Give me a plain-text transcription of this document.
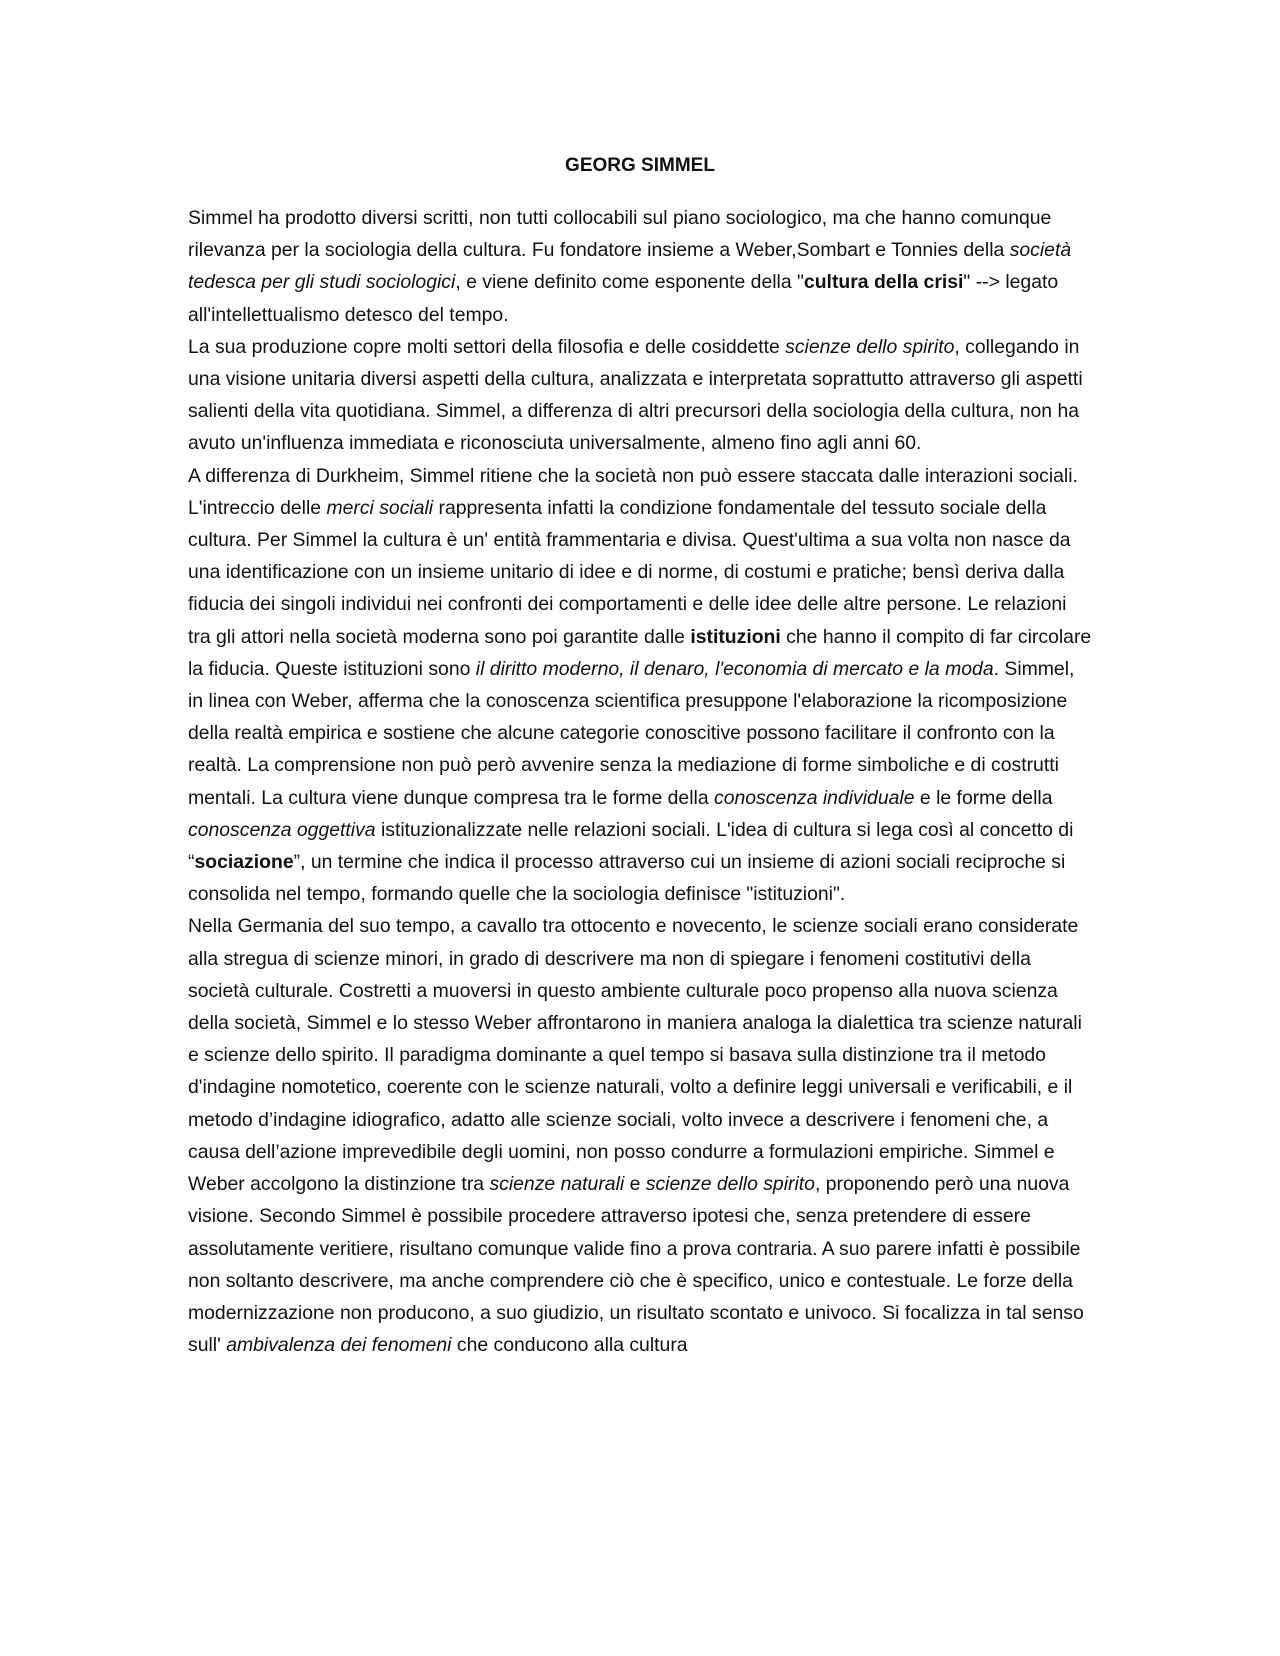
GEORG SIMMEL

Simmel ha prodotto diversi scritti, non tutti collocabili sul piano sociologico, ma che hanno comunque rilevanza per la sociologia della cultura. Fu fondatore insieme a Weber,Sombart e Tonnies della società tedesca per gli studi sociologici, e viene definito come esponente della "cultura della crisi" --> legato all'intellettualismo detesco del tempo.

La sua produzione copre molti settori della filosofia e delle cosiddette scienze dello spirito, collegando in una visione unitaria diversi aspetti della cultura, analizzata e interpretata soprattutto attraverso gli aspetti salienti della vita quotidiana. Simmel, a differenza di altri precursori della sociologia della cultura, non ha avuto un'influenza immediata e riconosciuta universalmente, almeno fino agli anni 60.

A differenza di Durkheim, Simmel ritiene che la società non può essere staccata dalle interazioni sociali. L'intreccio delle merci sociali rappresenta infatti la condizione fondamentale del tessuto sociale della cultura. Per Simmel la cultura è un' entità frammentaria e divisa. Quest'ultima a sua volta non nasce da una identificazione con un insieme unitario di idee e di norme, di costumi e pratiche; bensì deriva dalla fiducia dei singoli individui nei confronti dei comportamenti e delle idee delle altre persone. Le relazioni tra gli attori nella società moderna sono poi garantite dalle istituzioni che hanno il compito di far circolare la fiducia. Queste istituzioni sono il diritto moderno, il denaro, l'economia di mercato e la moda. Simmel, in linea con Weber, afferma che la conoscenza scientifica presuppone l'elaborazione la ricomposizione della realtà empirica e sostiene che alcune categorie conoscitive possono facilitare il confronto con la realtà. La comprensione non può però avvenire senza la mediazione di forme simboliche e di costrutti mentali. La cultura viene dunque compresa tra le forme della conoscenza individuale e le forme della conoscenza oggettiva istituzionalizzate nelle relazioni sociali. L'idea di cultura si lega così al concetto di “sociazione”, un termine che indica il processo attraverso cui un insieme di azioni sociali reciproche si consolida nel tempo, formando quelle che la sociologia definisce "istituzioni".

Nella Germania del suo tempo, a cavallo tra ottocento e novecento, le scienze sociali erano considerate alla stregua di scienze minori, in grado di descrivere ma non di spiegare i fenomeni costitutivi della società culturale. Costretti a muoversi in questo ambiente culturale poco propenso alla nuova scienza della società, Simmel e lo stesso Weber affrontarono in maniera analoga la dialettica tra scienze naturali e scienze dello spirito. Il paradigma dominante a quel tempo si basava sulla distinzione tra il metodo d'indagine nomotetico, coerente con le scienze naturali, volto a definire leggi universali e verificabili, e il metodo d’indagine idiografico, adatto alle scienze sociali, volto invece a descrivere i fenomeni che, a causa dell’azione imprevedibile degli uomini, non posso condurre a formulazioni empiriche. Simmel e Weber accolgono la distinzione tra scienze naturali e scienze dello spirito, proponendo però una nuova visione. Secondo Simmel è possibile procedere attraverso ipotesi che, senza pretendere di essere assolutamente veritiere, risultano comunque valide fino a prova contraria. A suo parere infatti è possibile non soltanto descrivere, ma anche comprendere ciò che è specifico, unico e contestuale. Le forze della modernizzazione non producono, a suo giudizio, un risultato scontato e univoco. Si focalizza in tal senso sull' ambivalenza dei fenomeni che conducono alla cultura
